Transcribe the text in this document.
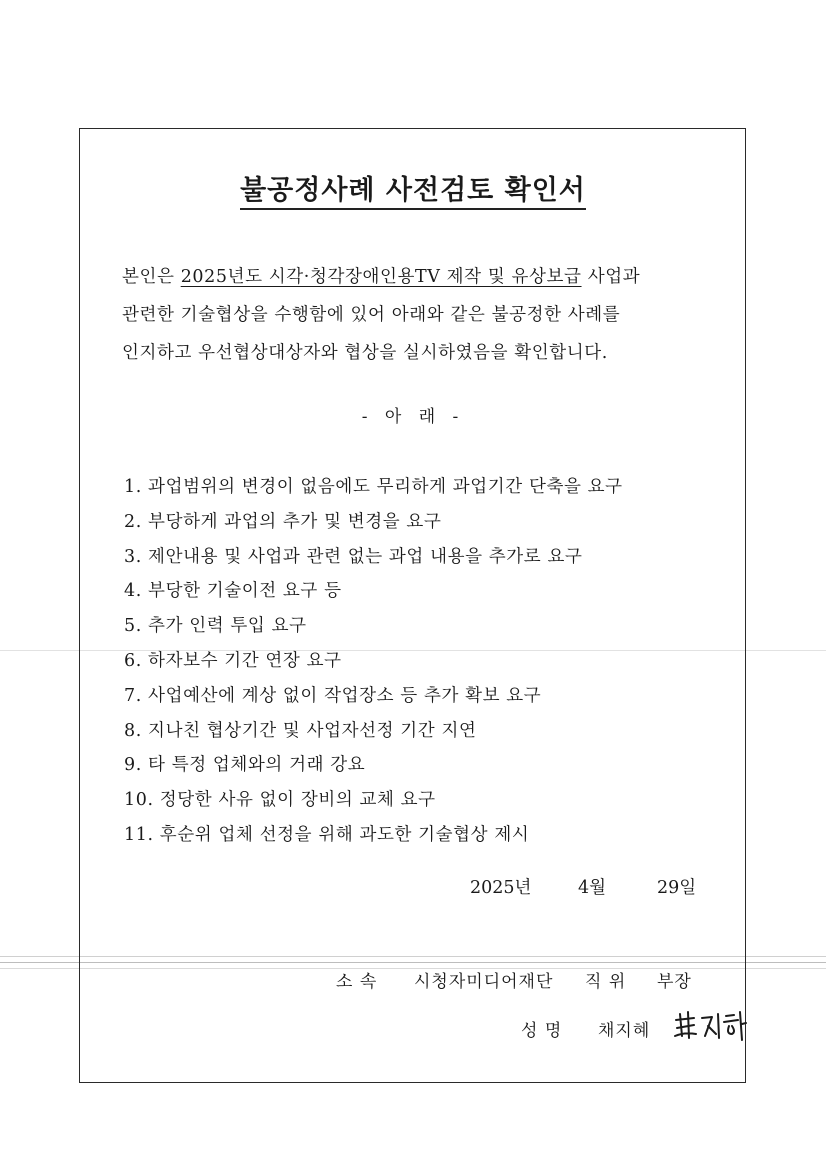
불공정사례 사전검토 확인서
본인은 2025년도 시각·청각장애인용TV 제작 및 유상보급 사업과
관련한 기술협상을 수행함에 있어 아래와 같은 불공정한 사례를
인지하고 우선협상대상자와 협상을 실시하였음을 확인합니다.
- 아 래 -
1. 과업범위의 변경이 없음에도 무리하게 과업기간 단축을 요구
2. 부당하게 과업의 추가 및 변경을 요구
3. 제안내용 및 사업과 관련 없는 과업 내용을 추가로 요구
4. 부당한 기술이전 요구 등
5. 추가 인력 투입 요구
6. 하자보수 기간 연장 요구
7. 사업예산에 계상 없이 작업장소 등 추가 확보 요구
8. 지나친 협상기간 및 사업자선정 기간 지연
9. 타 특정 업체와의 거래 강요
10. 정당한 사유 없이 장비의 교체 요구
11. 후순위 업체 선정을 위해 과도한 기술협상 제시
2025년	4월	29일
소 속 시청자미디어재단 직 위 부장
성 명 채지혜
